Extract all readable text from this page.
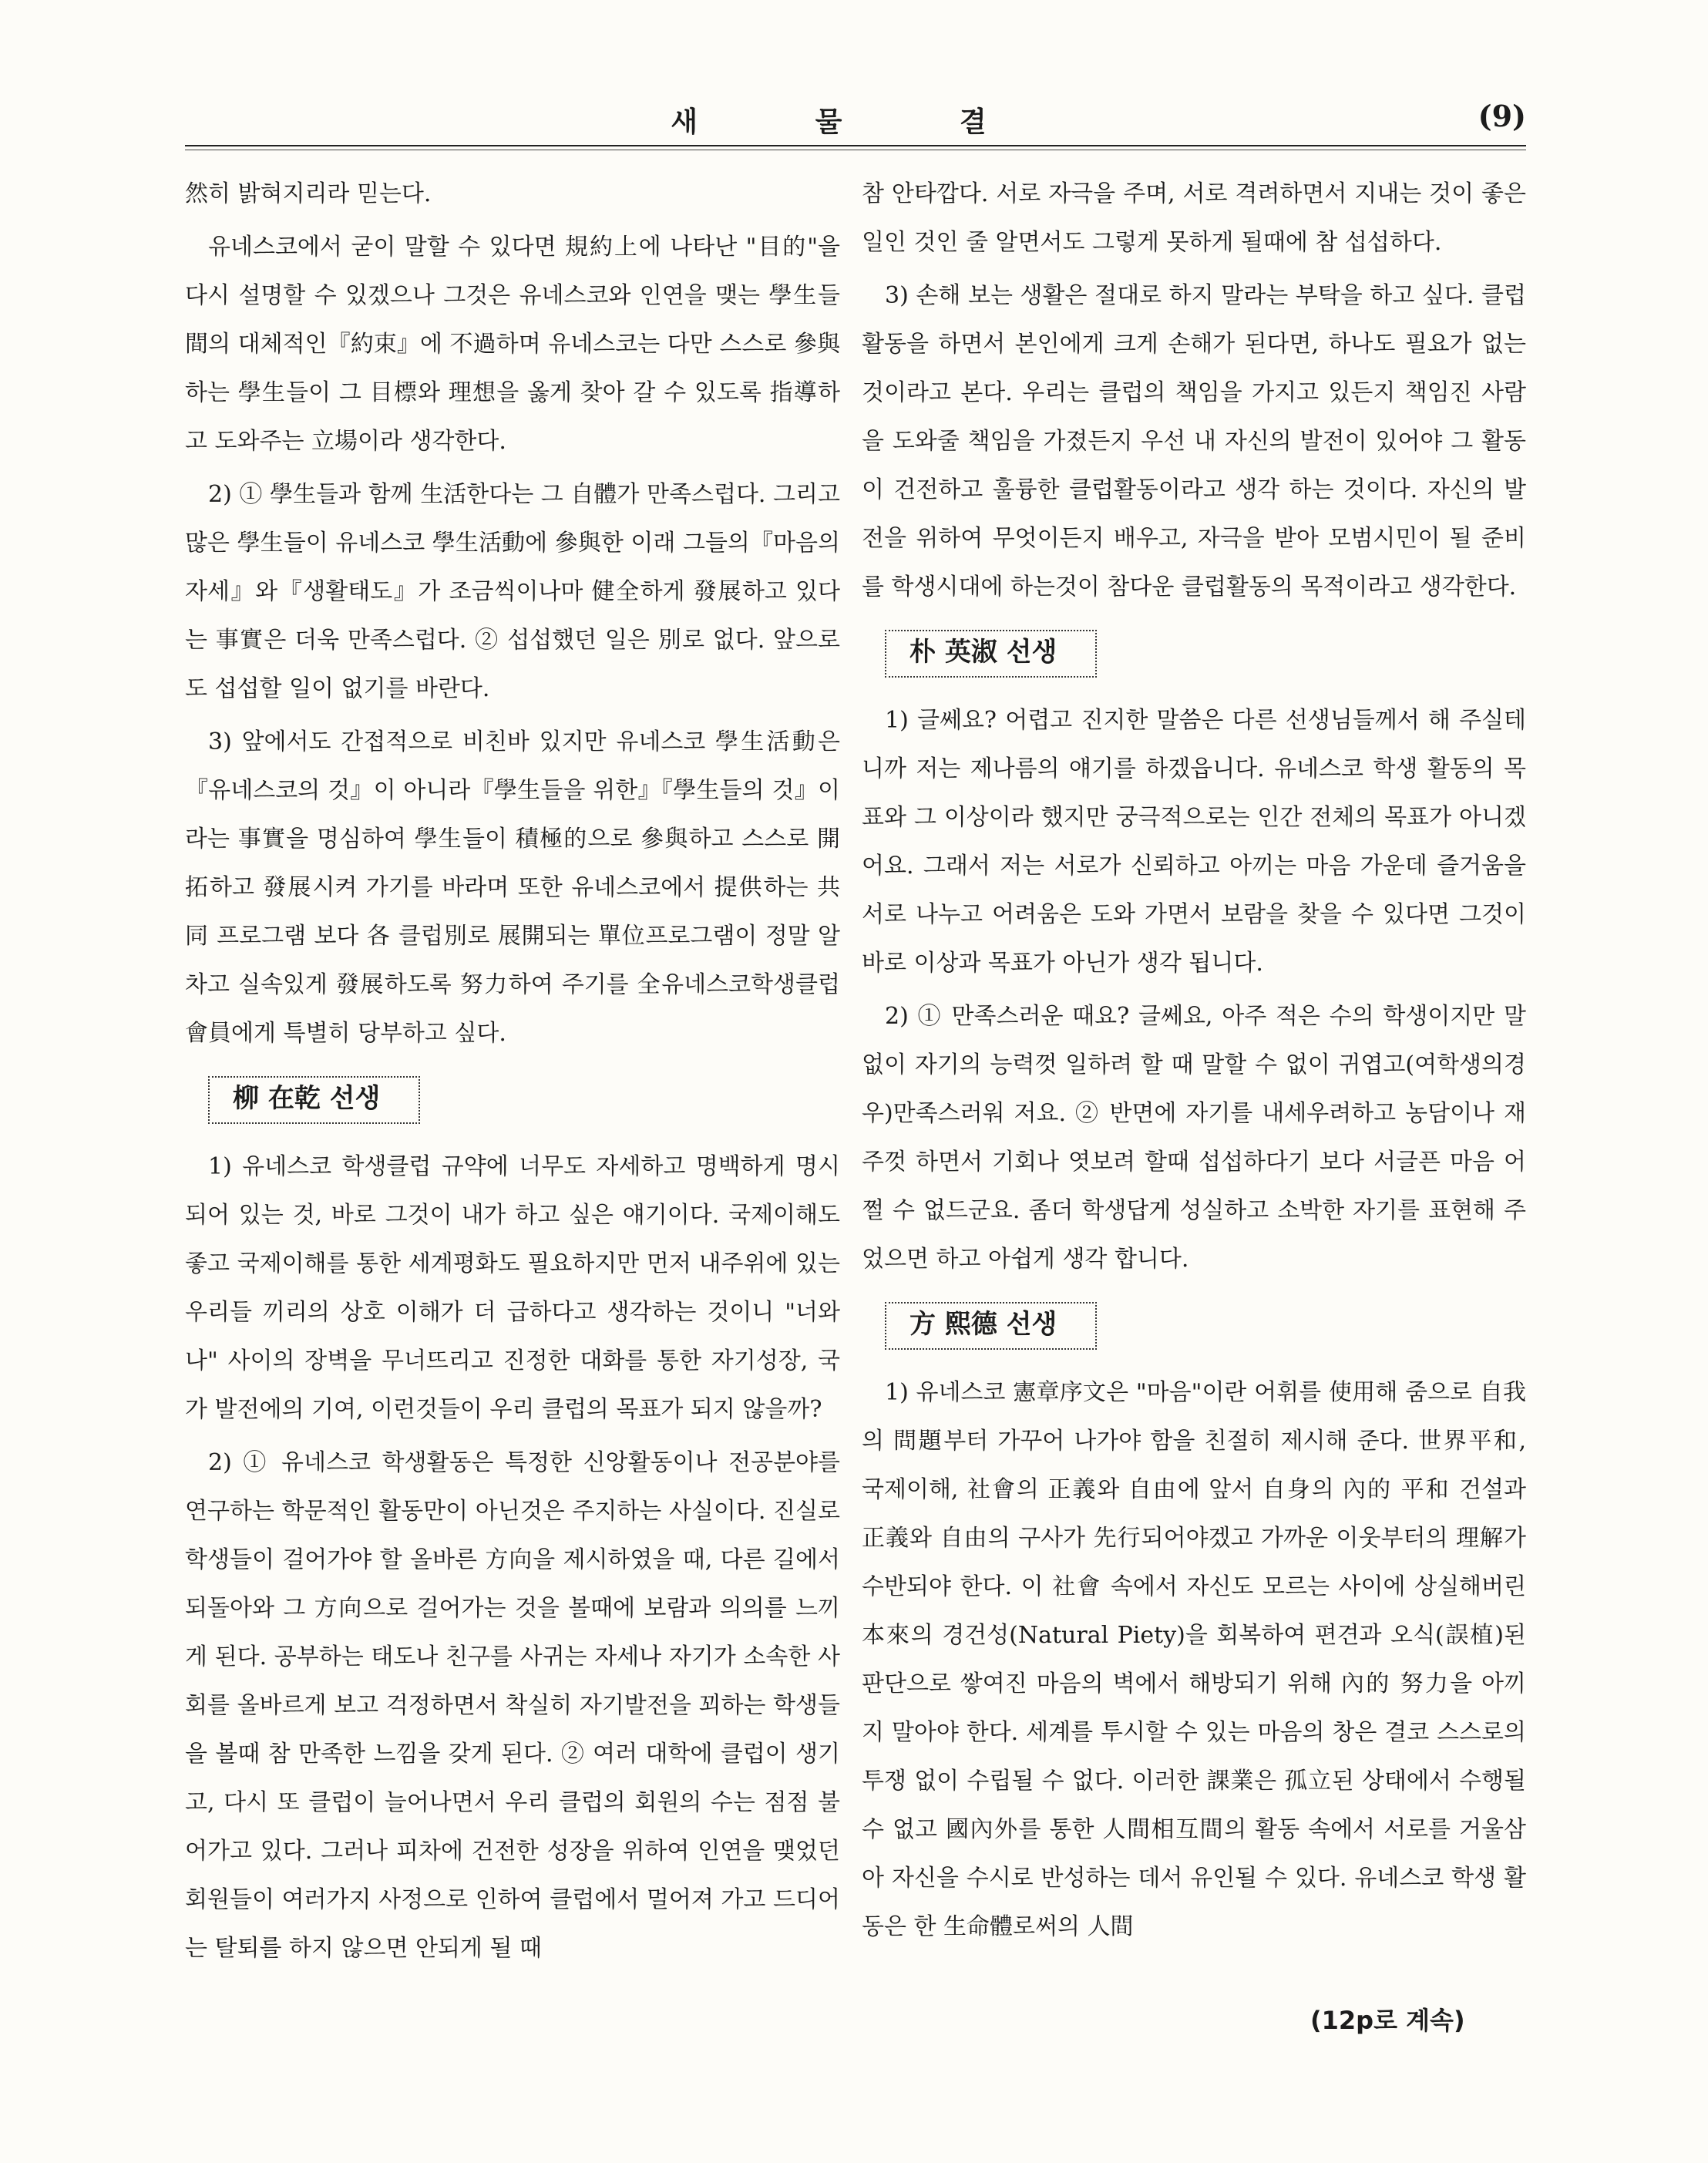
새 물 결	(9)

然히 밝혀지리라 믿는다.

유네스코에서 굳이 말할 수 있다면 規約上에 나타난 "目的"을 다시 설명할 수 있겠으나 그것은 유네스코와 인연을 맺는 學生들間의 대체적인『約束』에 不過하며 유네스코는 다만 스스로 參與하는 學生들이 그 目標와 理想을 옳게 찾아 갈 수 있도록 指導하고 도와주는 立場이라 생각한다.

2) ① 學生들과 함께 生活한다는 그 自體가 만족스럽다. 그리고 많은 學生들이 유네스코 學生活動에 參與한 이래 그들의『마음의 자세』와『생활태도』가 조금씩이나마 健全하게 發展하고 있다는 事實은 더욱 만족스럽다. ② 섭섭했던 일은 別로 없다. 앞으로도 섭섭할 일이 없기를 바란다.

3) 앞에서도 간접적으로 비친바 있지만 유네스코 學生活動은『유네스코의 것』이 아니라『學生들을 위한』『學生들의 것』이라는 事實을 명심하여 學生들이 積極的으로 參與하고 스스로 開拓하고 發展시켜 가기를 바라며 또한 유네스코에서 提供하는 共同 프로그램 보다 各 클럽別로 展開되는 單位프로그램이 정말 알차고 실속있게 發展하도록 努力하여 주기를 全유네스코학생클럽 會員에게 특별히 당부하고 싶다.

柳 在乾 선생

1) 유네스코 학생클럽 규약에 너무도 자세하고 명백하게 명시되어 있는 것, 바로 그것이 내가 하고 싶은 얘기이다. 국제이해도 좋고 국제이해를 통한 세계평화도 필요하지만 먼저 내주위에 있는 우리들 끼리의 상호 이해가 더 급하다고 생각하는 것이니 "너와 나" 사이의 장벽을 무너뜨리고 진정한 대화를 통한 자기성장, 국가 발전에의 기여, 이런것들이 우리 클럽의 목표가 되지 않을까?

2) ① 유네스코 학생활동은 특정한 신앙활동이나 전공분야를 연구하는 학문적인 활동만이 아닌것은 주지하는 사실이다. 진실로 학생들이 걸어가야 할 올바른 方向을 제시하였을 때, 다른 길에서 되돌아와 그 方向으로 걸어가는 것을 볼때에 보람과 의의를 느끼게 된다. 공부하는 태도나 친구를 사귀는 자세나 자기가 소속한 사회를 올바르게 보고 걱정하면서 착실히 자기발전을 꾀하는 학생들을 볼때 참 만족한 느낌을 갖게 된다. ② 여러 대학에 클럽이 생기고, 다시 또 클럽이 늘어나면서 우리 클럽의 회원의 수는 점점 불어가고 있다. 그러나 피차에 건전한 성장을 위하여 인연을 맺었던 회원들이 여러가지 사정으로 인하여 클럽에서 멀어져 가고 드디어는 탈퇴를 하지 않으면 안되게 될 때

참 안타깝다. 서로 자극을 주며, 서로 격려하면서 지내는 것이 좋은 일인 것인 줄 알면서도 그렇게 못하게 될때에 참 섭섭하다.

3) 손해 보는 생활은 절대로 하지 말라는 부탁을 하고 싶다. 클럽 활동을 하면서 본인에게 크게 손해가 된다면, 하나도 필요가 없는 것이라고 본다. 우리는 클럽의 책임을 가지고 있든지 책임진 사람을 도와줄 책임을 가졌든지 우선 내 자신의 발전이 있어야 그 활동이 건전하고 훌륭한 클럽활동이라고 생각 하는 것이다. 자신의 발전을 위하여 무엇이든지 배우고, 자극을 받아 모범시민이 될 준비를 학생시대에 하는것이 참다운 클럽활동의 목적이라고 생각한다.

朴 英淑 선생

1) 글쎄요? 어렵고 진지한 말씀은 다른 선생님들께서 해 주실테니까 저는 제나름의 얘기를 하겠읍니다. 유네스코 학생 활동의 목표와 그 이상이라 했지만 궁극적으로는 인간 전체의 목표가 아니겠어요. 그래서 저는 서로가 신뢰하고 아끼는 마음 가운데 즐거움을 서로 나누고 어려움은 도와 가면서 보람을 찾을 수 있다면 그것이 바로 이상과 목표가 아닌가 생각 됩니다.

2) ① 만족스러운 때요? 글쎄요, 아주 적은 수의 학생이지만 말 없이 자기의 능력껏 일하려 할 때 말할 수 없이 귀엽고(여학생의경우)만족스러워 저요. ② 반면에 자기를 내세우려하고 농담이나 재주껏 하면서 기회나 엿보려 할때 섭섭하다기 보다 서글픈 마음 어쩔 수 없드군요. 좀더 학생답게 성실하고 소박한 자기를 표현해 주었으면 하고 아쉽게 생각 합니다.

方 熙德 선생

1) 유네스코 憲章序文은 "마음"이란 어휘를 使用해 줌으로 自我의 問題부터 가꾸어 나가야 함을 친절히 제시해 준다. 世界平和, 국제이해, 社會의 正義와 自由에 앞서 自身의 內的 平和 건설과 正義와 自由의 구사가 先行되어야겠고 가까운 이웃부터의 理解가 수반되야 한다. 이 社會 속에서 자신도 모르는 사이에 상실해버린 本來의 경건성(Natural Piety)을 회복하여 편견과 오식(誤植)된 판단으로 쌓여진 마음의 벽에서 해방되기 위해 內的 努力을 아끼지 말아야 한다. 세계를 투시할 수 있는 마음의 창은 결코 스스로의 투쟁 없이 수립될 수 없다. 이러한 課業은 孤立된 상태에서 수행될 수 없고 國內外를 통한 人間相互間의 활동 속에서 서로를 거울삼아 자신을 수시로 반성하는 데서 유인될 수 있다. 유네스코 학생 활동은 한 生命體로써의 人間

(12p로 계속)
